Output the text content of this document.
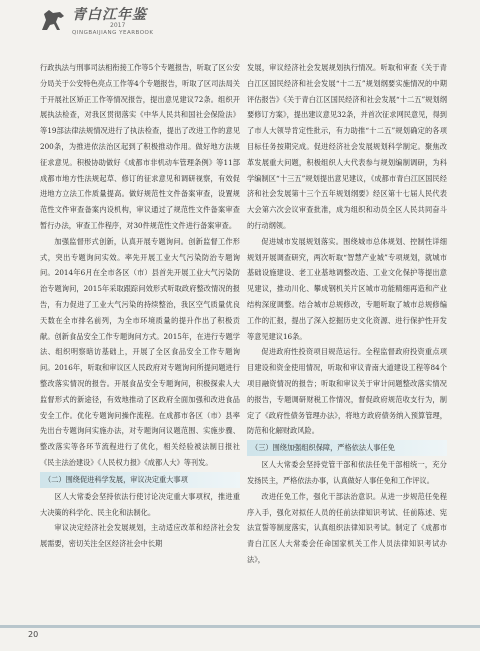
青白江年鉴
2017
QINGBAIJIANG YEARBOOK

行政执法与刑事司法相衔接工作等5个专题报告，听取了区公安分局关于公安特色亮点工作等4个专题报告，听取了区司法局关于开展社区矫正工作等情况报告，提出意见建议72条。组织开展执法检查，对我区贯彻落实《中华人民共和国社会保险法》等19部法律法规情况进行了执法检查，提出了改进工作的意见200条，为推进依法治区起到了积极推动作用。做好地方法规征求意见。积极协助做好《成都市非机动车管理条例》等11部成都市地方性法规起草、修订的征求意见和调研视察，有效促进地方立法工作质量提高。做好规范性文件备案审查，设置规范性文件审查备案内设机构，审议通过了规范性文件备案审查暂行办法，审查工作程序，对30件规范性文件进行备案审查。

加强监督形式创新，认真开展专题询问。创新监督工作形式，突出专题询问实效。率先开展工业大气污染防治专题询问。2014年6月在全市各区（市）县首先开展工业大气污染防治专题询问，2015年采取跟踪问效形式听取政府整改情况的报告，有力促进了工业大气污染的持续整治，我区空气质量优良天数在全市排名前列，为全市环境质量的提升作出了积极贡献。创新食品安全工作专题询问方式。2015年，在进行专题学法、组织明察暗访基础上，开展了全区食品安全工作专题询问。2016年，听取和审议区人民政府对专题询问所提问题进行整改落实情况的报告。开展食品安全专题询问，积极探索人大监督形式的新途径，有效地推动了区政府全面加强和改进食品安全工作。优化专题询问操作流程。在成都市各区（市）县率先出台专题询问实施办法，对专题询问议题范围、实施步骤、整改落实等各环节流程进行了优化，相关经验被法制日报社《民主法治建设》《人民权力报》《成都人大》等刊发。

（二）围绕促进科学发展，审议决定重大事项

区人大常委会坚持依法行使讨论决定重大事项权，推进重大决策的科学化、民主化和法制化。

审议决定经济社会发展规划，主动适应改革和经济社会发展需要，密切关注全区经济社会中长期

发展，审议经济社会发展规划执行情况。听取和审查《关于青白江区国民经济和社会发展“十二五”规划纲要实施情况的中期评估报告》《关于青白江区国民经济和社会发展“十二五”规划纲要修订方案》，提出建议意见32条，并首次征求网民意见，得到了市人大领导肯定性批示，有力助推“十二五”规划确定的各项目标任务按期完成。促进经济社会发展规划科学制定。聚焦改革发展重大问题，积极组织人大代表参与规划编制调研，为科学编制区“十三五”规划提出意见建议，《成都市青白江区国民经济和社会发展第十三个五年规划纲要》经区第十七届人民代表大会第六次会议审查批准，成为组织和动员全区人民共同奋斗的行动纲领。

促进城市发展规划落实。围绕城市总体规划、控制性详细规划开展调查研究，两次听取“智慧产业城”专项规划，就城市基础设施建设、老工业基地调整改造、工业文化保护等提出意见建议，推动川化、攀成钢机关片区城市功能精细再造和产业结构深度调整。结合城市总规修改，专题听取了城市总规修编工作的汇报，提出了深入挖掘历史文化资源、进行保护性开发等意见建议16条。

促进政府性投资项目规范运行。全程监督政府投资重点项目建设和资金使用情况，听取和审议青南大道建设工程等84个项目融资情况的报告；听取和审议关于审计问题整改落实情况的报告，专题调研财税工作情况，督促政府规范收支行为，制定了《政府性债务管理办法》，将地方政府债务纳入预算管理，防范和化解财政风险。

（三）围绕加强组织保障，严格依法人事任免

区人大常委会坚持党管干部和依法任免干部相统一，充分发扬民主，严格依法办事，认真做好人事任免和工作评议。

改进任免工作，强化干部法治意识。从进一步规范任免程序入手，强化对拟任人员的任前法律知识考试、任前陈述、宪法宣誓等制度落实，认真组织法律知识考试。制定了《成都市青白江区人大常委会任命国家机关工作人员法律知识考试办法》，

20
